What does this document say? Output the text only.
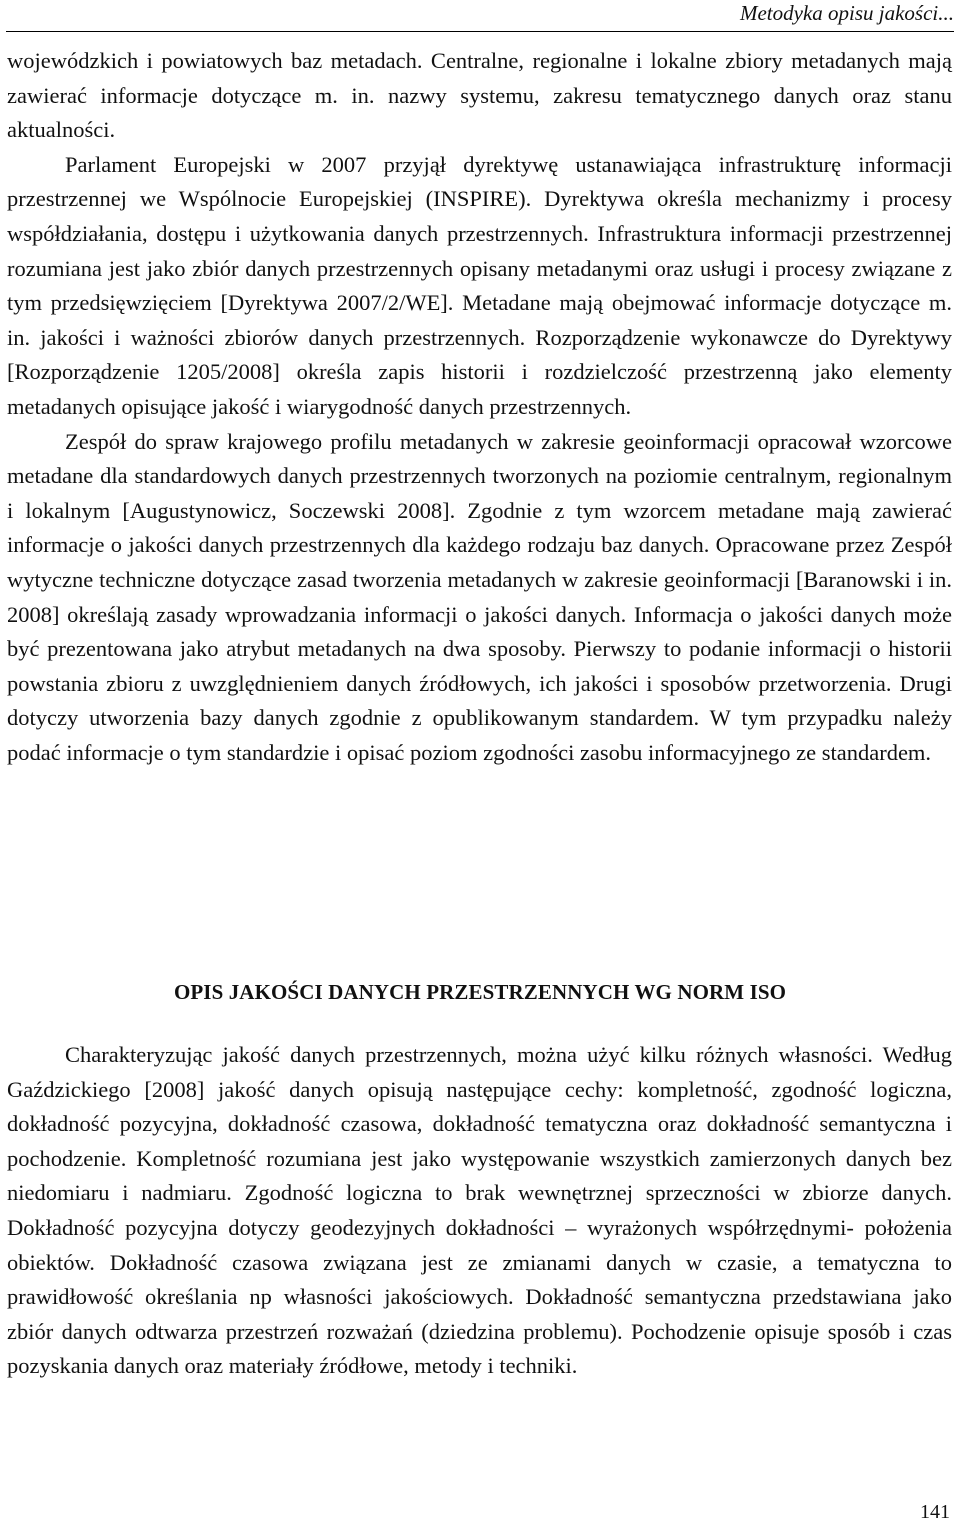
Metodyka opisu jakości...

wojewódzkich i powiatowych baz metadach. Centralne, regionalne i lokalne zbiory metadanych mają zawierać informacje dotyczące m. in. nazwy systemu, zakresu tematycznego danych oraz stanu aktualności.

Parlament Europejski w 2007 przyjął dyrektywę ustanawiająca infrastrukturę informacji przestrzennej we Wspólnocie Europejskiej (INSPIRE). Dyrektywa określa mechanizmy i procesy współdziałania, dostępu i użytkowania danych przestrzennych. Infrastruktura informacji przestrzennej rozumiana jest jako zbiór danych przestrzennych opisany metadanymi oraz usługi i procesy związane z tym przedsięwzięciem [Dyrektywa 2007/2/WE]. Metadane mają obejmować informacje dotyczące m. in. jakości i ważności zbiorów danych przestrzennych. Rozporządzenie wykonawcze do Dyrektywy [Rozporządzenie 1205/2008] określa zapis historii i rozdzielczość przestrzenną jako elementy metadanych opisujące jakość i wiarygodność danych przestrzennych.

Zespół do spraw krajowego profilu metadanych w zakresie geoinformacji opracował wzorcowe metadane dla standardowych danych przestrzennych tworzonych na poziomie centralnym, regionalnym i lokalnym [Augustynowicz, Soczewski 2008]. Zgodnie z tym wzorcem metadane mają zawierać informacje o jakości danych przestrzennych dla każdego rodzaju baz danych. Opracowane przez Zespół wytyczne techniczne dotyczące zasad tworzenia metadanych w zakresie geoinformacji [Baranowski i in. 2008] określają zasady wprowadzania informacji o jakości danych. Informacja o jakości danych może być prezentowana jako atrybut metadanych na dwa sposoby. Pierwszy to podanie informacji o historii powstania zbioru z uwzględnieniem danych źródłowych, ich jakości i sposobów przetworzenia. Drugi dotyczy utworzenia bazy danych zgodnie z opublikowanym standardem. W tym przypadku należy podać informacje o tym standardzie i opisać poziom zgodności zasobu informacyjnego ze standardem.

OPIS JAKOŚCI DANYCH PRZESTRZENNYCH WG NORM ISO

Charakteryzując jakość danych przestrzennych, można użyć kilku różnych własności. Według Gaździckiego [2008] jakość danych opisują następujące cechy: kompletność, zgodność logiczna, dokładność pozycyjna, dokładność czasowa, dokładność tematyczna oraz dokładność semantyczna i pochodzenie. Kompletność rozumiana jest jako występowanie wszystkich zamierzonych danych bez niedomiaru i nadmiaru. Zgodność logiczna to brak wewnętrznej sprzeczności w zbiorze danych. Dokładność pozycyjna dotyczy geodezyjnych dokładności – wyrażonych współrzędnymi- położenia obiektów. Dokładność czasowa związana jest ze zmianami danych w czasie, a tematyczna to prawidłowość określania np własności jakościowych. Dokładność semantyczna przedstawiana jako zbiór danych odtwarza przestrzeń rozważań (dziedzina problemu). Pochodzenie opisuje sposób i czas pozyskania danych oraz materiały źródłowe, metody i techniki.

141
